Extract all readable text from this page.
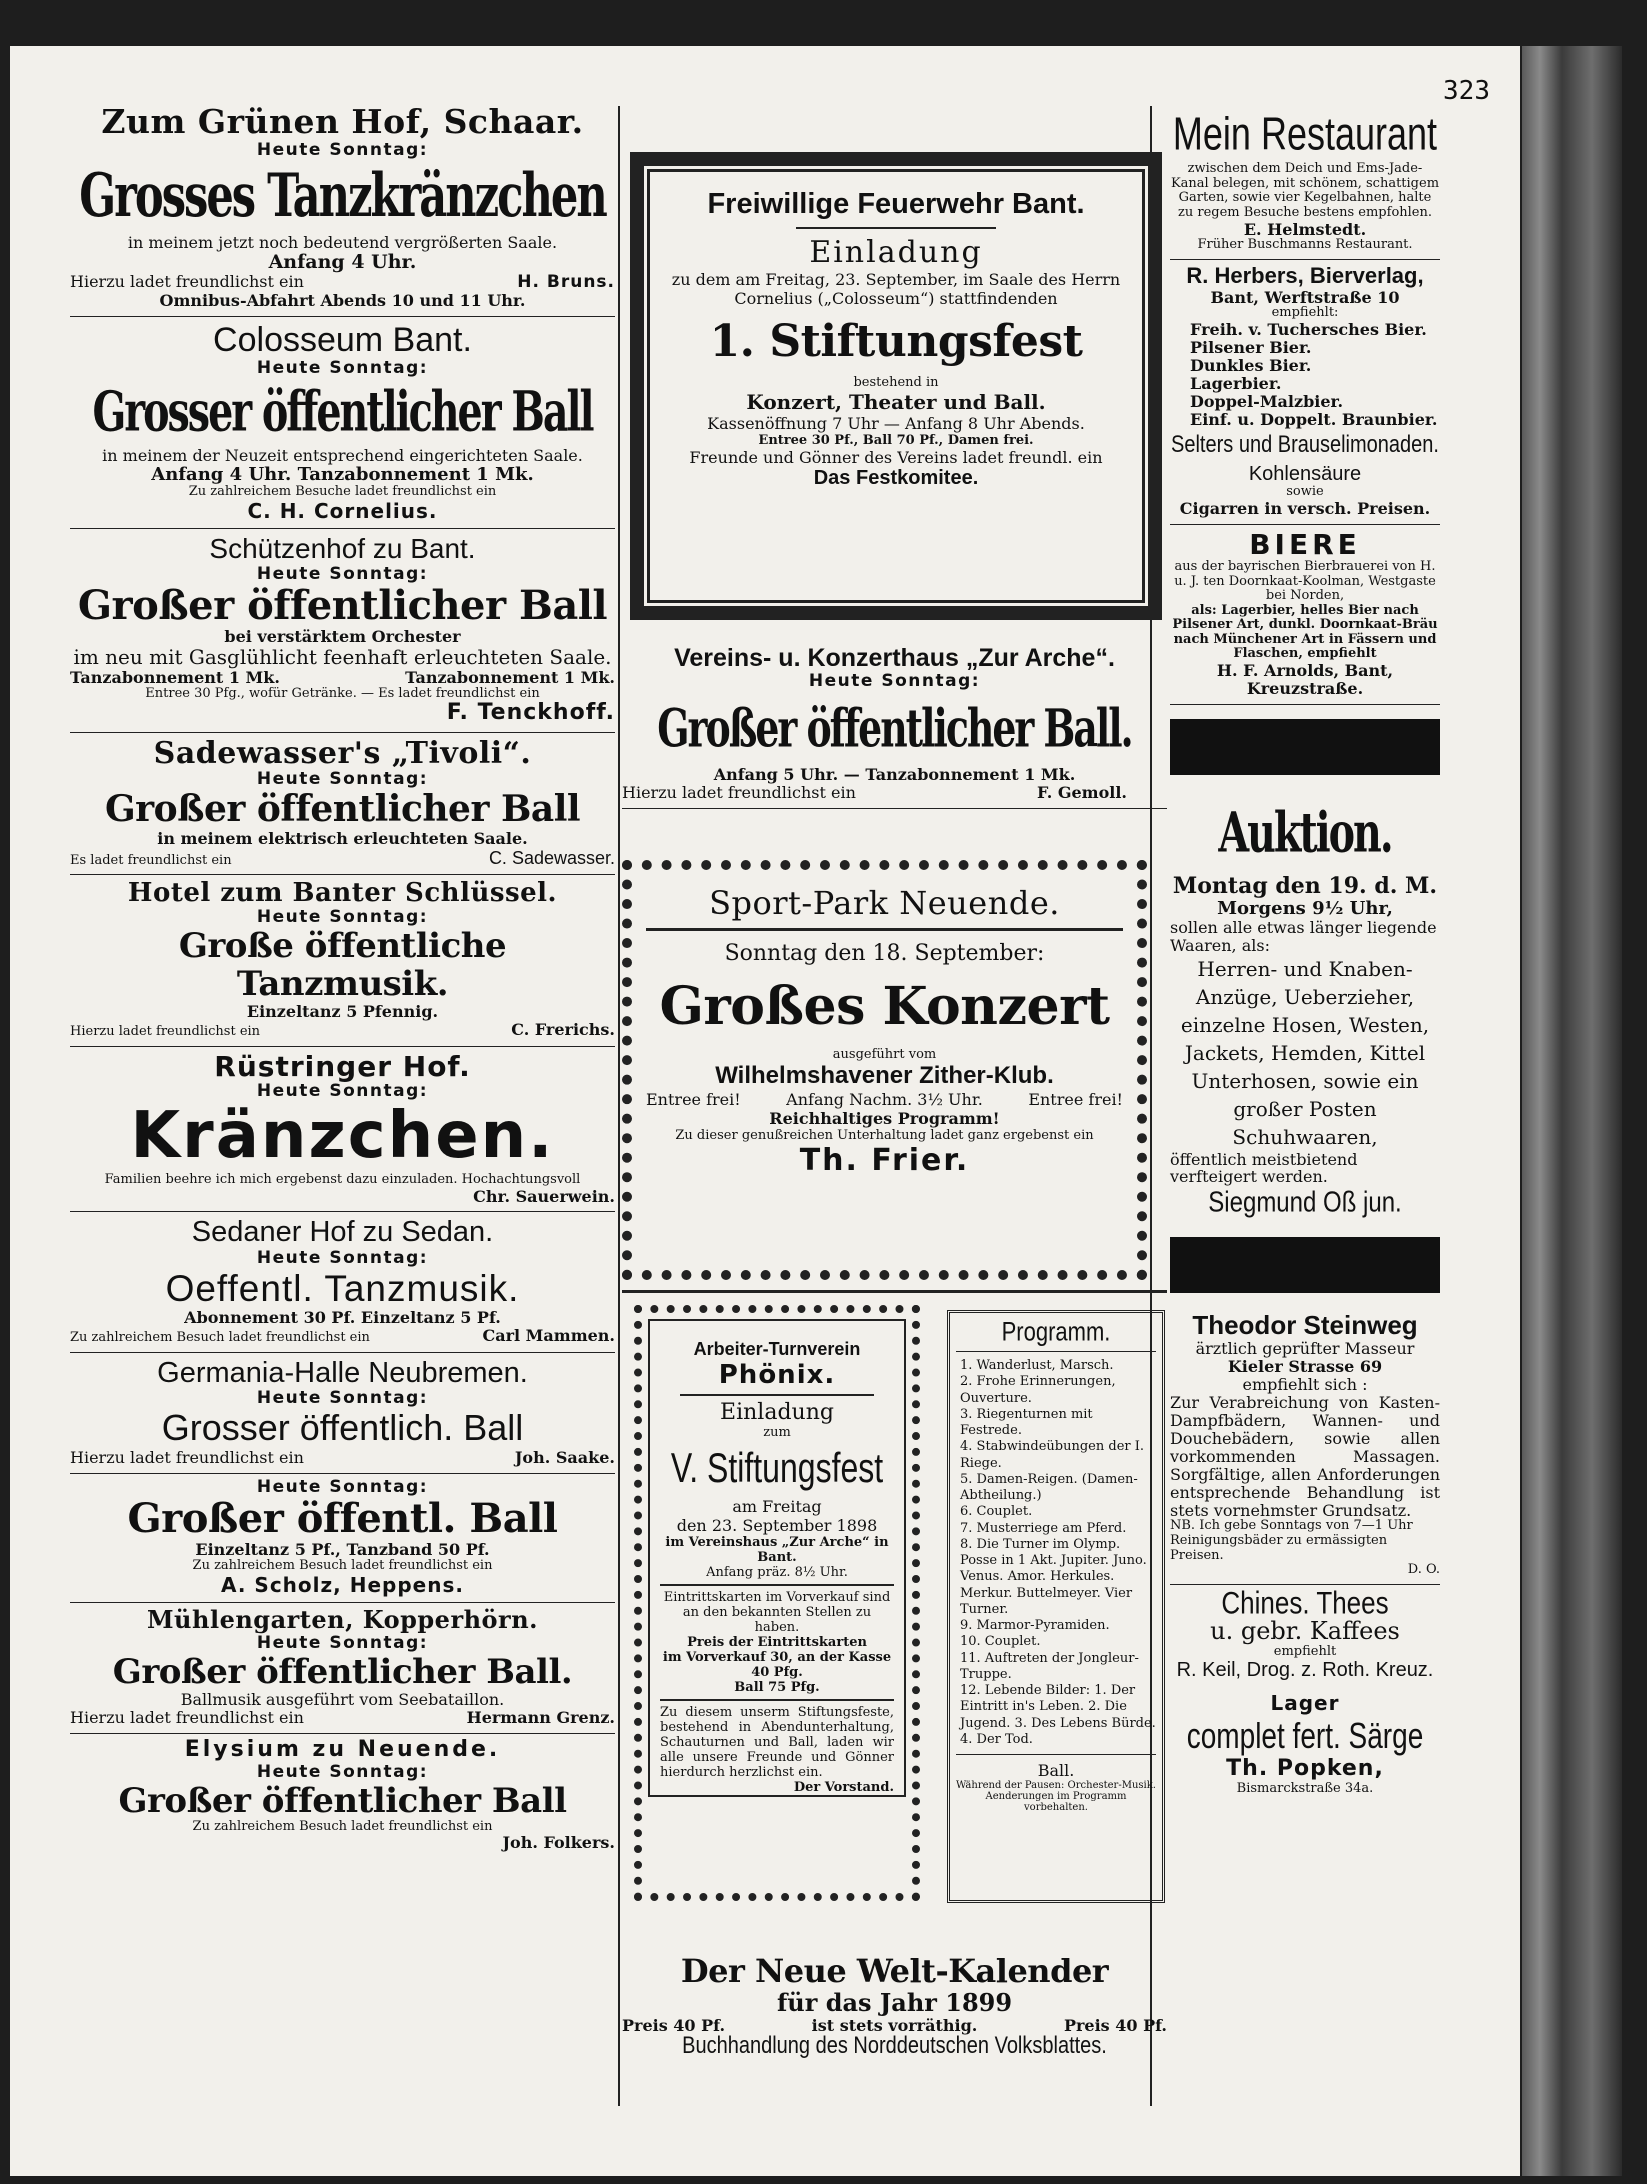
323
Zum Grünen Hof, Schaar.
Heute Sonntag:
Grosses Tanzkränzchen
in meinem jetzt noch bedeutend vergrößerten Saale.
Anfang 4 Uhr.
Hierzu ladet freundlichst ein	H. Bruns.
Omnibus-Abfahrt Abends 10 und 11 Uhr.
Colosseum Bant.
Heute Sonntag:
Grosser öffentlicher Ball
in meinem der Neuzeit entsprechend eingerichteten Saale.
Anfang 4 Uhr. Tanzabonnement 1 Mk.
Zu zahlreichem Besuche ladet freundlichst ein
C. H. Cornelius.
Schützenhof zu Bant.
Heute Sonntag:
Großer öffentlicher Ball
bei verstärktem Orchester
im neu mit Gasglühlicht feenhaft erleuchteten Saale.
Tanzabonnement 1 Mk.	Tanzabonnement 1 Mk.
Entree 30 Pfg., wofür Getränke. — Es ladet freundlichst ein
F. Tenckhoff.
Sadewasser's „Tivoli“.
Heute Sonntag:
Großer öffentlicher Ball
in meinem elektrisch erleuchteten Saale.
Es ladet freundlichst ein	C. Sadewasser.
Hotel zum Banter Schlüssel.
Heute Sonntag:
Große öffentliche Tanzmusik.
Einzeltanz 5 Pfennig.
Hierzu ladet freundlichst ein	C. Frerichs.
Rüstringer Hof.
Heute Sonntag:
Kränzchen.
Familien beehre ich mich ergebenst dazu einzuladen. Hochachtungsvoll
Chr. Sauerwein.
Sedaner Hof zu Sedan.
Heute Sonntag:
Oeffentl. Tanzmusik.
Abonnement 30 Pf. Einzeltanz 5 Pf.
Zu zahlreichem Besuch ladet freundlichst ein	Carl Mammen.
Germania-Halle Neubremen.
Heute Sonntag:
Grosser öffentlich. Ball
Hierzu ladet freundlichst ein	Joh. Saake.
Heute Sonntag:
Großer öffentl. Ball
Einzeltanz 5 Pf., Tanzband 50 Pf.
Zu zahlreichem Besuch ladet freundlichst ein
A. Scholz, Heppens.
Mühlengarten, Kopperhörn.
Heute Sonntag:
Großer öffentlicher Ball.
Ballmusik ausgeführt vom Seebataillon.
Hierzu ladet freundlichst ein	Hermann Grenz.
Elysium zu Neuende.
Heute Sonntag:
Großer öffentlicher Ball
Zu zahlreichem Besuch ladet freundlichst ein
Joh. Folkers.
Freiwillige Feuerwehr Bant.
Einladung
zu dem am Freitag, 23. September, im Saale des Herrn Cornelius („Colosseum“) stattfindenden
1. Stiftungsfest
bestehend in
Konzert, Theater und Ball.
Kassenöffnung 7 Uhr — Anfang 8 Uhr Abends.
Entree 30 Pf., Ball 70 Pf., Damen frei.
Freunde und Gönner des Vereins ladet freundl. ein
Das Festkomitee.
Vereins- u. Konzerthaus „Zur Arche“.
Heute Sonntag:
Großer öffentlicher Ball.
Anfang 5 Uhr. — Tanzabonnement 1 Mk.
Hierzu ladet freundlichst ein	F. Gemoll.
Sport-Park Neuende.
Sonntag den 18. September:
Großes Konzert
ausgeführt vom
Wilhelmshavener Zither-Klub.
Entree frei!	Anfang Nachm. 3½ Uhr.	Entree frei!
Reichhaltiges Programm!
Zu dieser genußreichen Unterhaltung ladet ganz ergebenst ein
Th. Frier.
Arbeiter-Turnverein
Phönix.
Einladung
zum
V. Stiftungsfest
am Freitag
den 23. September 1898
im Vereinshaus „Zur Arche“ in Bant.
Anfang präz. 8½ Uhr.
Eintrittskarten im Vorverkauf sind an den bekannten Stellen zu haben.
Preis der Eintrittskarten
im Vorverkauf 30, an der Kasse 40 Pfg.
Ball 75 Pfg.
Zu diesem unserm Stiftungsfeste, bestehend in Abendunterhaltung, Schauturnen und Ball, laden wir alle unsere Freunde und Gönner hierdurch herzlichst ein.
Der Vorstand.
Programm.
1. Wanderlust, Marsch.
2. Frohe Erinnerungen, Ouverture.
3. Riegenturnen mit Festrede.
4. Stabwindeübungen der I. Riege.
5. Damen-Reigen. (Damen-Abtheilung.)
6. Couplet.
7. Musterriege am Pferd.
8. Die Turner im Olymp. Posse in 1 Akt. Jupiter. Juno. Venus. Amor. Herkules. Merkur. Buttelmeyer. Vier Turner.
9. Marmor-Pyramiden.
10. Couplet.
11. Auftreten der Jongleur-Truppe.
12. Lebende Bilder: 1. Der Eintritt in's Leben. 2. Die Jugend. 3. Des Lebens Bürde. 4. Der Tod.
Ball.
Während der Pausen: Orchester-Musik.
Aenderungen im Programm vorbehalten.
Der Neue Welt-Kalender
für das Jahr 1899
Preis 40 Pf.	ist stets vorräthig.	Preis 40 Pf.
Buchhandlung des Norddeutschen Volksblattes.
Mein Restaurant
zwischen dem Deich und Ems-Jade-Kanal belegen, mit schönem, schattigem Garten, sowie vier Kegelbahnen, halte zu regem Besuche bestens empfohlen.
E. Helmstedt.
Früher Buschmanns Restaurant.
R. Herbers, Bierverlag,
Bant, Werftstraße 10
empfiehlt:
Freih. v. Tuchersches Bier.
Pilsener Bier.
Dunkles Bier.
Lagerbier.
Doppel-Malzbier.
Einf. u. Doppelt. Braunbier.
Selters und Brauselimonaden.
Kohlensäure
sowie
Cigarren in versch. Preisen.
BIERE
aus der bayrischen Bierbrauerei von H. u. J. ten Doornkaat-Koolman, Westgaste bei Norden,
als: Lagerbier, helles Bier nach Pilsener Art, dunkl. Doornkaat-Bräu nach Münchener Art in Fässern und Flaschen, empfiehlt
H. F. Arnolds, Bant, Kreuzstraße.
Auktion.
Montag den 19. d. M.
Morgens 9½ Uhr,
sollen alle etwas länger liegende Waaren, als:
Herren- und Knaben-Anzüge, Ueberzieher, einzelne Hosen, Westen, Jackets, Hemden, Kittel Unterhosen, sowie ein großer Posten Schuhwaaren,
öffentlich meistbietend verfteigert werden.
Siegmund Oß jun.
Theodor Steinweg
ärztlich geprüfter Masseur
Kieler Strasse 69
empfiehlt sich :
Zur Verabreichung von Kasten-Dampfbädern, Wannen- und Douchebädern, sowie allen vorkommenden Massagen. Sorgfältige, allen Anforderungen entsprechende Behandlung ist stets vornehmster Grundsatz.
NB. Ich gebe Sonntags von 7—1 Uhr Reinigungsbäder zu ermässigten Preisen.
D. O.
Chines. Thees
u. gebr. Kaffees
empfiehlt
R. Keil, Drog. z. Roth. Kreuz.
Lager
complet fert. Särge
Th. Popken,
Bismarckstraße 34a.
